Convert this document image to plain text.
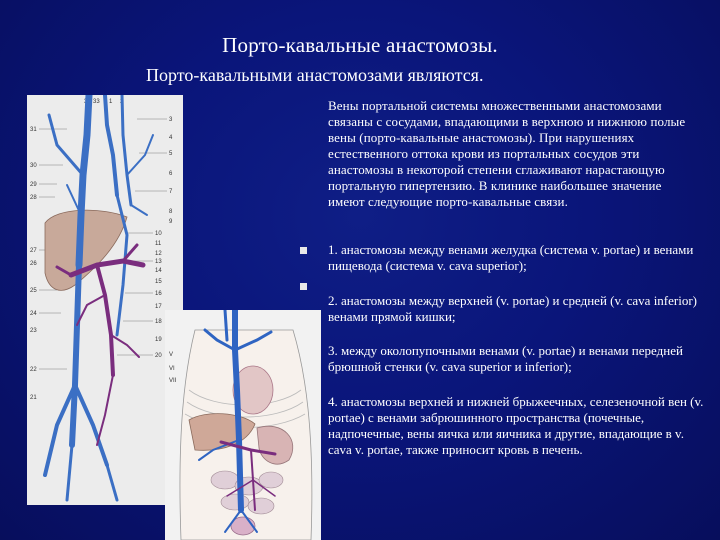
Порто-кавальные анастомозы.
Порто-кавальными анастомозами являются.
32 33 1 2
31
30
29
28
27
26
25
24
23
22
21
3
4
5
6
7
8
9
10
11
12
13
14
15
16
17
18
19
20 V
VI
VII
Вены портальной системы множественными анастомозами связаны с сосудами, впадающими в верхнюю и нижнюю полые вены (порто-кавальные анастомозы). При нарушениях естественного оттока крови из портальных сосудов эти анастомозы в некоторой степени сглаживают нарастающую портальную гипертензию. В клинике наибольшее значение имеют следующие порто-кавальные связи.
1. анастомозы между венами желудка (система v. portae) и венами пищевода (система v. cava superior);
2. анастомозы между верхней (v. portae) и средней (v. cava inferior) венами прямой кишки;
3. между околопупочными венами (v. portae) и венами передней брюшной стенки (v. cava superior и inferior);
4. анастомозы верхней и нижней брыжеечных, селезеночной вен (v. portae) с венами забрюшинного пространства (почечные, надпочечные, вены яичка или яичника и другие, впадающие в v. cava v. portae, также приносит кровь в печень.
